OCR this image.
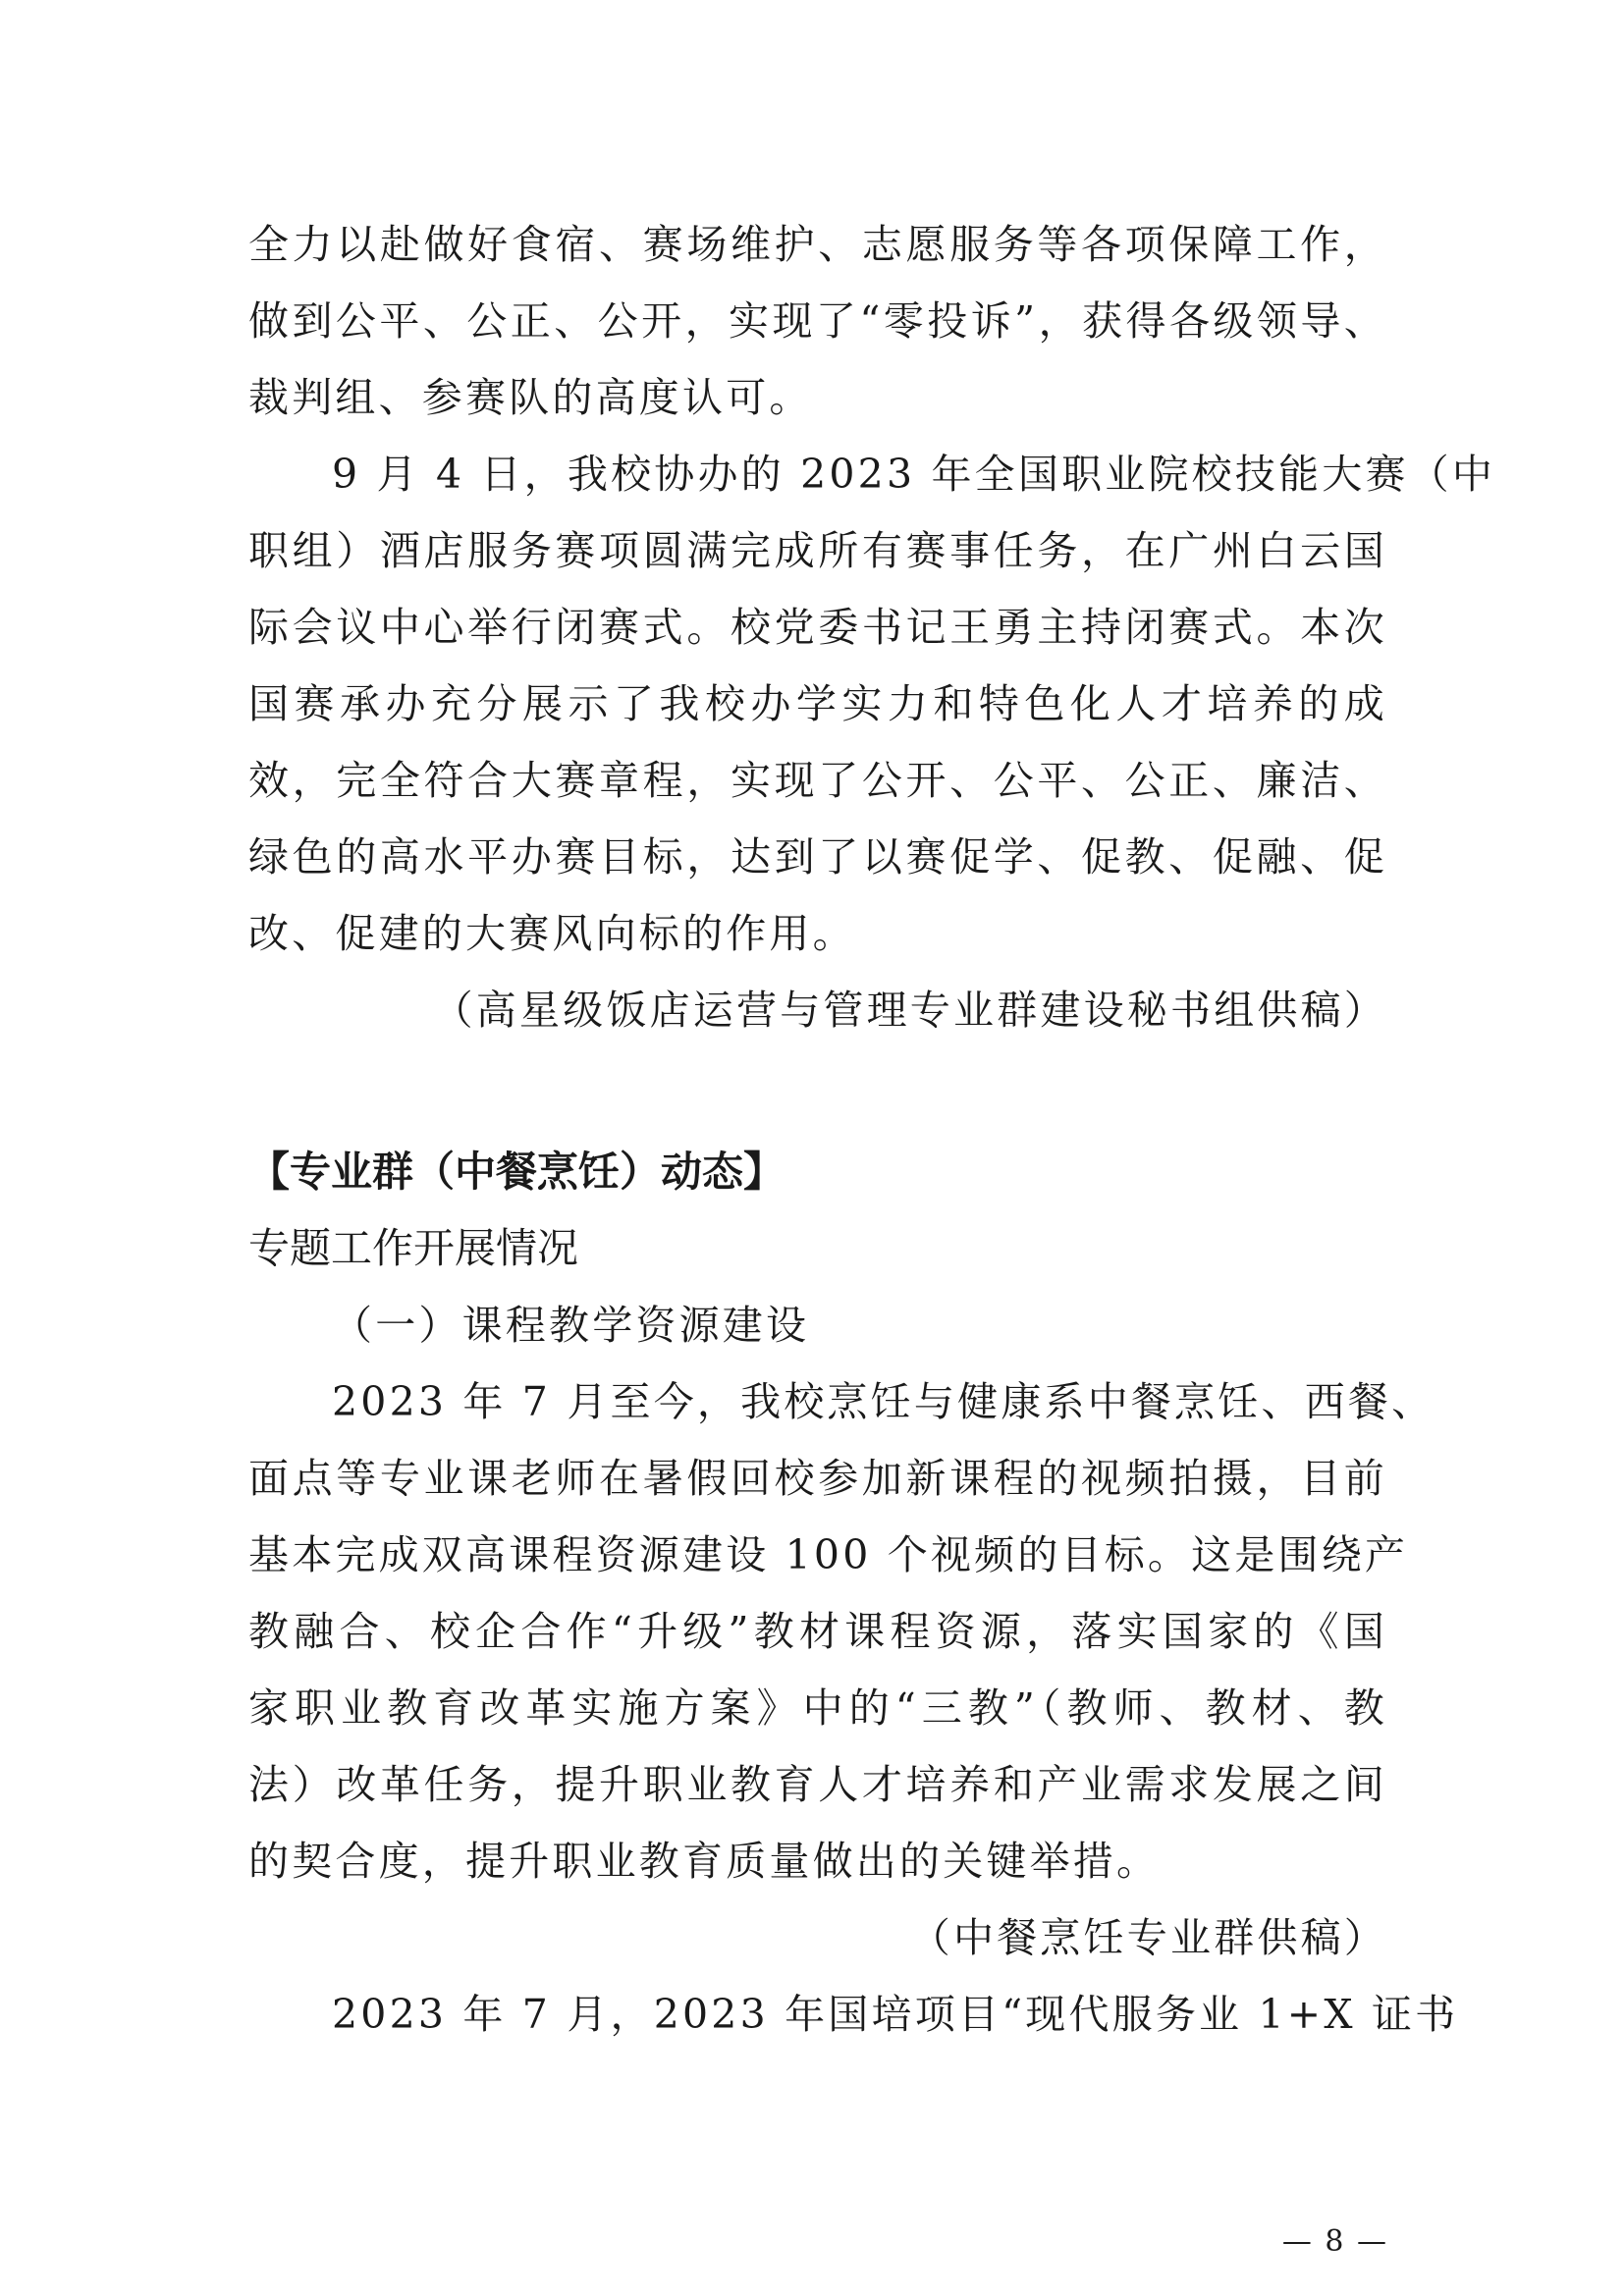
全力以赴做好食宿、赛场维护、志愿服务等各项保障工作，
做到公平、公正、公开，实现了“零投诉”，获得各级领导、
裁判组、参赛队的高度认可。
9 月 4 日，我校协办的 2023 年全国职业院校技能大赛（中
职组）酒店服务赛项圆满完成所有赛事任务，在广州白云国
际会议中心举行闭赛式。校党委书记王勇主持闭赛式。本次
国赛承办充分展示了我校办学实力和特色化人才培养的成
效，完全符合大赛章程，实现了公开、公平、公正、廉洁、
绿色的高水平办赛目标，达到了以赛促学、促教、促融、促
改、促建的大赛风向标的作用。
（高星级饭店运营与管理专业群建设秘书组供稿）
【专业群（中餐烹饪）动态】
专题工作开展情况
（一）课程教学资源建设
2023 年 7 月至今，我校烹饪与健康系中餐烹饪、西餐、
面点等专业课老师在暑假回校参加新课程的视频拍摄，目前
基本完成双高课程资源建设 100 个视频的目标。这是围绕产
教融合、校企合作“升级”教材课程资源，落实国家的《国
家职业教育改革实施方案》中的“三教”（教师、教材、教
法）改革任务，提升职业教育人才培养和产业需求发展之间
的契合度，提升职业教育质量做出的关键举措。
（中餐烹饪专业群供稿）
2023 年 7 月，2023 年国培项目“现代服务业 1+X 证书
— 8 —
